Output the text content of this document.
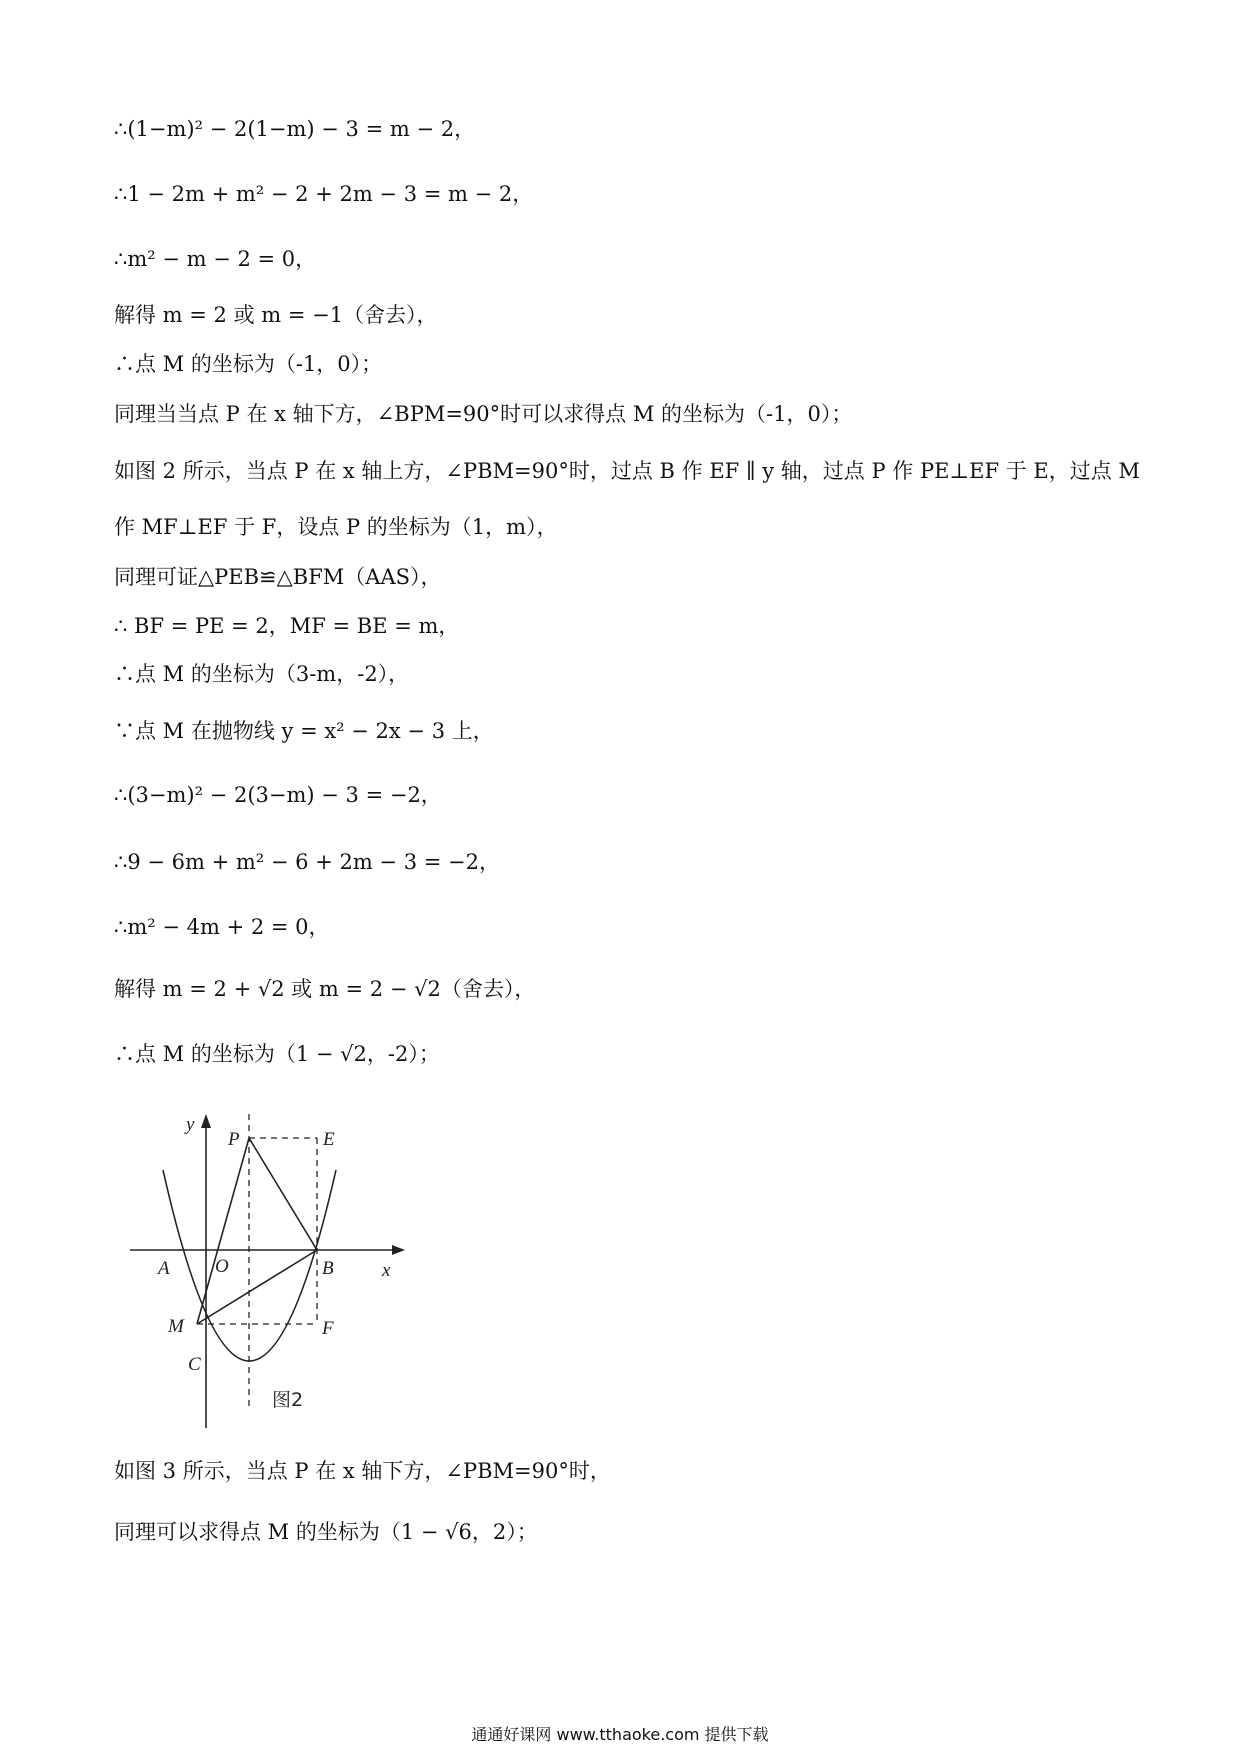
∴(1−m)² − 2(1−m) − 3 = m − 2，
∴1 − 2m + m² − 2 + 2m − 3 = m − 2，
∴m² − m − 2 = 0，
解得 m = 2 或 m = −1（舍去），
∴点 M 的坐标为（-1，0）；
同理当当点 P 在 x 轴下方，∠BPM=90°时可以求得点 M 的坐标为（-1，0）；
如图 2 所示，当点 P 在 x 轴上方，∠PBM=90°时，过点 B 作 EF ∥ y 轴，过点 P 作 PE⊥EF 于 E，过点 M
作 MF⊥EF 于 F，设点 P 的坐标为（1，m），
同理可证△PEB≌△BFM（AAS），
∴ BF = PE = 2，MF = BE = m，
∴点 M 的坐标为（3-m，-2），
∵点 M 在抛物线 y = x² − 2x − 3 上，
∴(3−m)² − 2(3−m) − 3 = −2，
∴9 − 6m + m² − 6 + 2m − 3 = −2，
∴m² − 4m + 2 = 0，
解得 m = 2 + √2 或 m = 2 − √2（舍去），
∴点 M 的坐标为（1 − √2，-2）；
y
P	E
A O	B	x
M	F
C
图2
如图 3 所示，当点 P 在 x 轴下方，∠PBM=90°时，
同理可以求得点 M 的坐标为（1 − √6，2）；
通通好课网 www.tthaoke.com 提供下载
